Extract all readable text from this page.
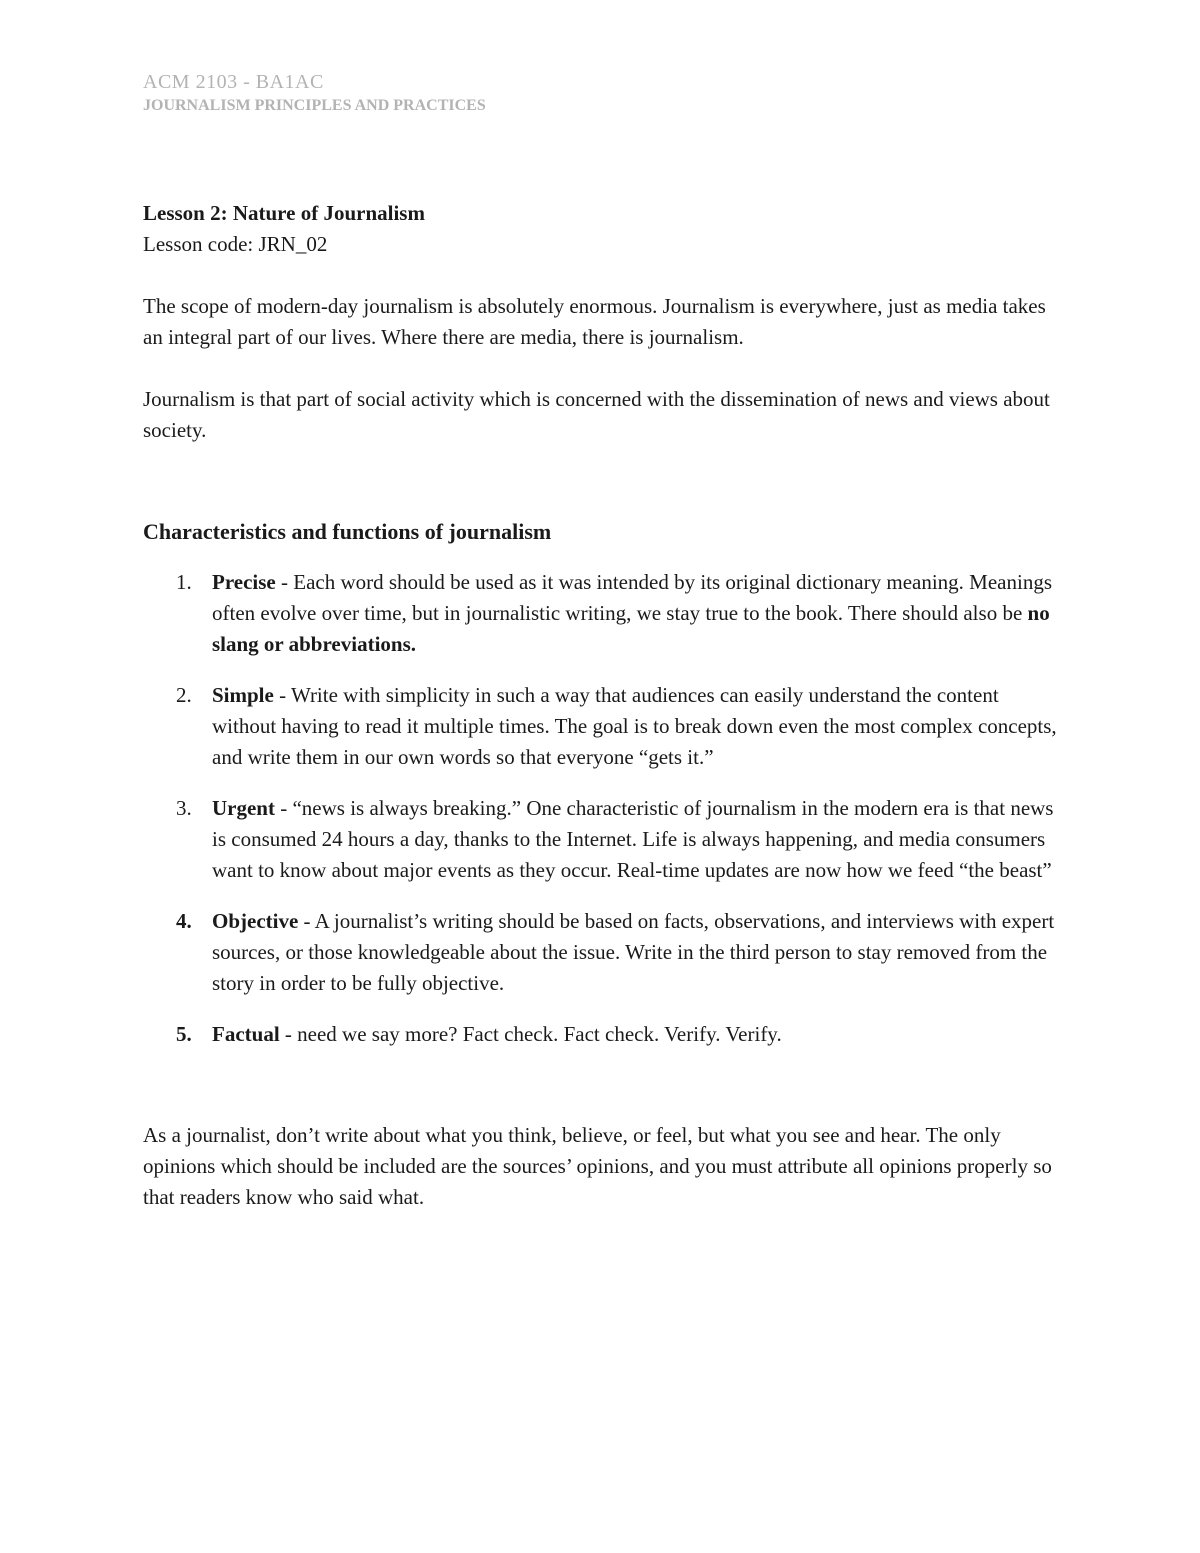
ACM 2103 - BA1AC
JOURNALISM PRINCIPLES AND PRACTICES

Lesson 2: Nature of Journalism

Lesson code: JRN_02

The scope of modern-day journalism is absolutely enormous. Journalism is everywhere, just as media takes an integral part of our lives. Where there are media, there is journalism.

Journalism is that part of social activity which is concerned with the dissemination of news and views about society.

Characteristics and functions of journalism

1. Precise - Each word should be used as it was intended by its original dictionary meaning. Meanings often evolve over time, but in journalistic writing, we stay true to the book. There should also be no slang or abbreviations.
2. Simple - Write with simplicity in such a way that audiences can easily understand the content without having to read it multiple times. The goal is to break down even the most complex concepts, and write them in our own words so that everyone “gets it.”
3. Urgent - “news is always breaking.” One characteristic of journalism in the modern era is that news is consumed 24 hours a day, thanks to the Internet. Life is always happening, and media consumers want to know about major events as they occur. Real-time updates are now how we feed “the beast”
4. Objective - A journalist’s writing should be based on facts, observations, and interviews with expert sources, or those knowledgeable about the issue. Write in the third person to stay removed from the story in order to be fully objective.
5. Factual - need we say more? Fact check. Fact check. Verify. Verify.

As a journalist, don’t write about what you think, believe, or feel, but what you see and hear. The only opinions which should be included are the sources’ opinions, and you must attribute all opinions properly so that readers know who said what.
